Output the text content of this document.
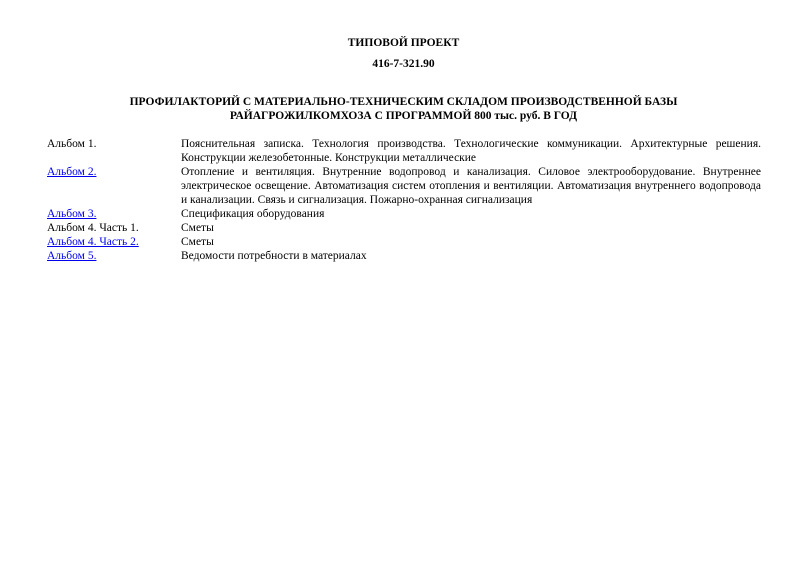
ТИПОВОЙ ПРОЕКТ
416-7-321.90
ПРОФИЛАКТОРИЙ С МАТЕРИАЛЬНО-ТЕХНИЧЕСКИМ СКЛАДОМ ПРОИЗВОДСТВЕННОЙ БАЗЫ РАЙАГРОЖИЛКОМХОЗА С ПРОГРАММОЙ 800 тыс. руб. В ГОД
Альбом 1.	Пояснительная записка. Технология производства. Технологические коммуникации. Архитектурные решения. Конструкции железобетонные. Конструкции металлические
Альбом 2.	Отопление и вентиляция. Внутренние водопровод и канализация. Силовое электрооборудование. Внутреннее электрическое освещение. Автоматизация систем отопления и вентиляции. Автоматизация внутреннего водопровода и канализации. Связь и сигнализация. Пожарно-охранная сигнализация
Альбом 3.	Спецификация оборудования
Альбом 4. Часть 1.	Сметы
Альбом 4. Часть 2.	Сметы
Альбом 5.	Ведомости потребности в материалах
